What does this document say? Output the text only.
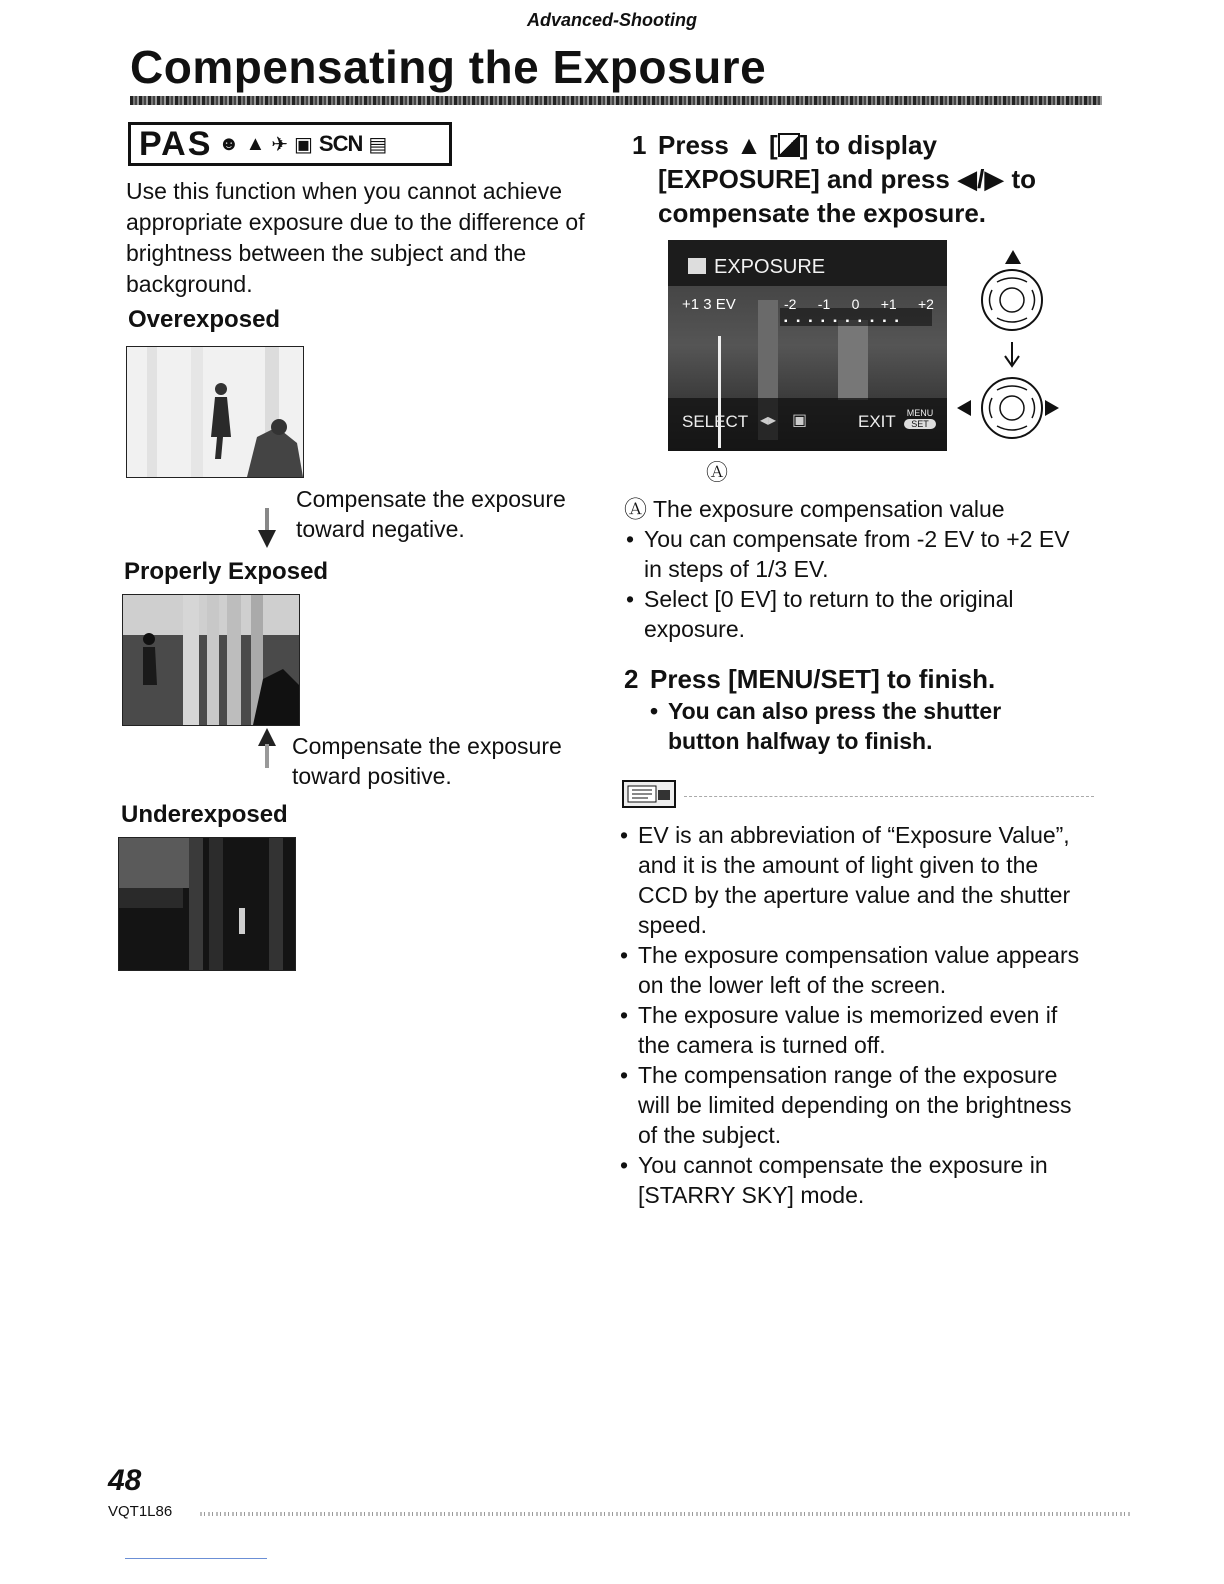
Advanced-Shooting
Compensating the Exposure
PAS ☻ ▲ ✈ ▣ SCN ▤
Use this function when you cannot achieve appropriate exposure due to the difference of brightness between the subject and the background.
Overexposed
Compensate the exposure
toward negative.
Properly Exposed
Compensate the exposure
toward positive.
Underexposed
1 Press ▲ [ ] to display
[EXPOSURE] and press ◀/▶ to
compensate the exposure.
EXPOSURE
+1 3 EV	-2 -1 0 +1 +2
▪ ▪ ▪ ▪ ▪ ▪ ▪ ▪ ▪ ▪
SELECT ◂▸ ▣	EXIT	MENU
SET
Ⓐ
Ⓐ The exposure compensation value
• You can compensate from -2 EV to +2 EV in steps of 1/3 EV.
• Select [0 EV] to return to the original exposure.
2 Press [MENU/SET] to finish.
• You can also press the shutter button halfway to finish.
• EV is an abbreviation of “Exposure Value”, and it is the amount of light given to the CCD by the aperture value and the shutter speed.
• The exposure compensation value appears on the lower left of the screen.
• The exposure value is memorized even if the camera is turned off.
• The compensation range of the exposure will be limited depending on the brightness of the subject.
• You cannot compensate the exposure in [STARRY SKY] mode.
48
VQT1L86
